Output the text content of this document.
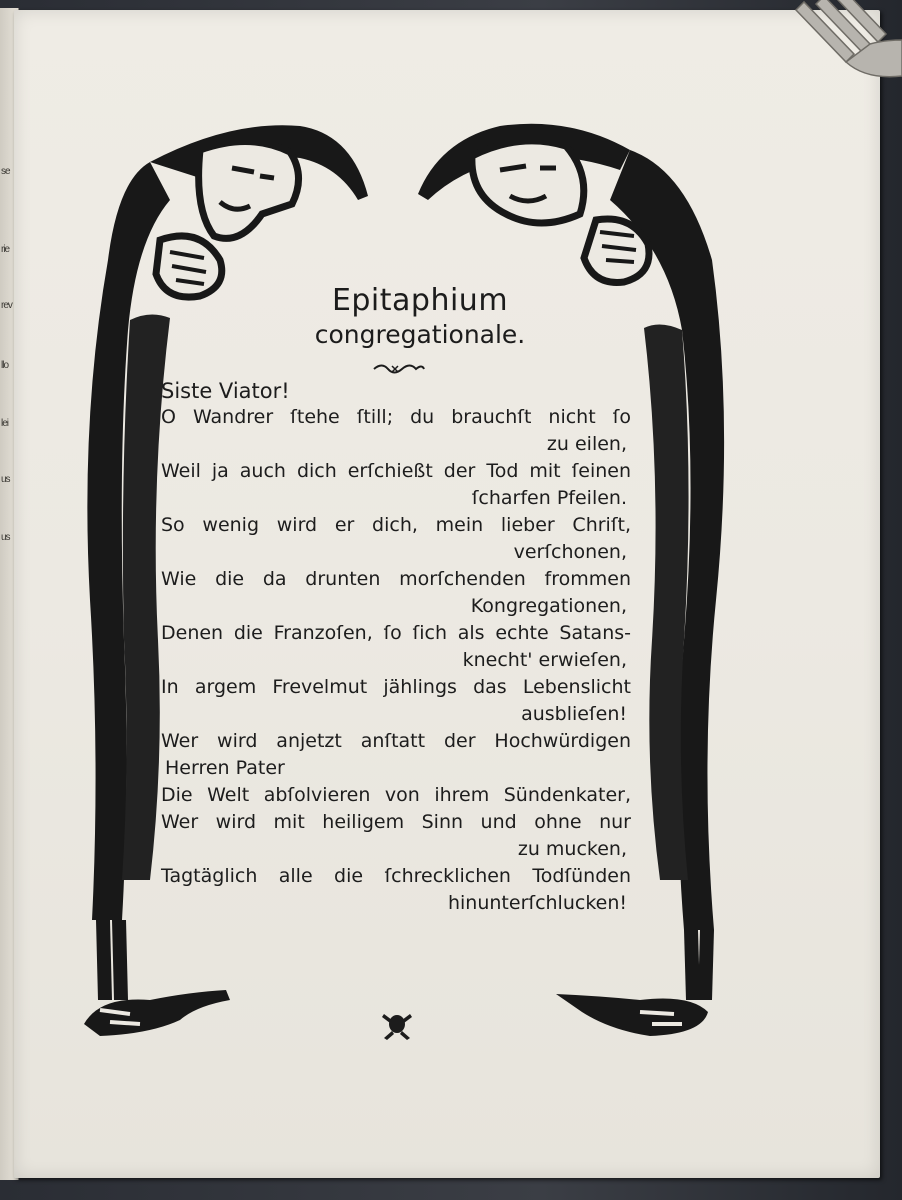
se
rie
rev
llo
lei
us
us
Epitaphium
congregationale.
Siste Viator!
O Wandrer ſtehe ſtill; du brauchſt nicht ſo
zu eilen,
Weil ja auch dich erſchießt der Tod mit ſeinen
ſcharfen Pfeilen.
So wenig wird er dich, mein lieber Chriſt,
verſchonen,
Wie die da drunten morſchenden frommen
Kongregationen,
Denen die Franzoſen, ſo ſich als echte Satans-
knecht' erwieſen,
In argem Frevelmut jählings das Lebenslicht
ausblieſen!
Wer wird anjetzt anſtatt der Hochwürdigen
Herren Pater
Die Welt abſolvieren von ihrem Sündenkater,
Wer wird mit heiligem Sinn und ohne nur
zu mucken,
Tagtäglich alle die ſchrecklichen Todſünden
hinunterſchlucken!
